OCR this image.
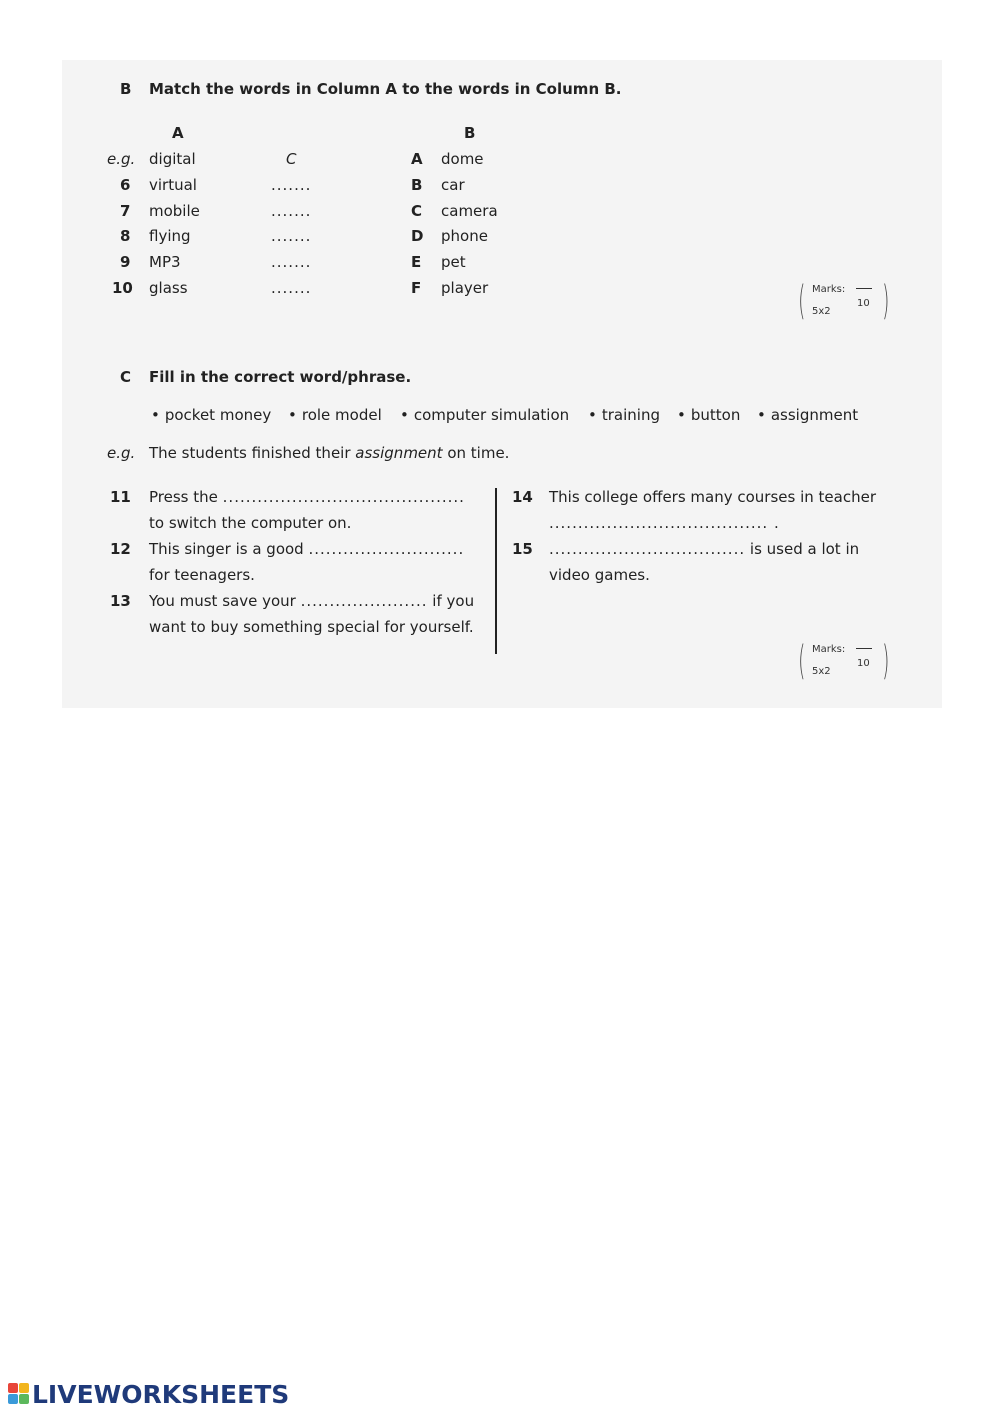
B Match the words in Column A to the words in Column B.
A	B
e.g. digital	C	A dome
6 virtual	.......	B car
7 mobile	.......	C camera
8 flying	.......	D phone
9 MP3	.......	E pet
10 glass	.......	F player	( Marks:
10
5x2 )
C Fill in the correct word/phrase.
• pocket money • role model • computer simulation • training • button • assignment
e.g. The students finished their assignment on time.
11 Press the ..........................................
to switch the computer on.
12 This singer is a good ...........................
for teenagers.
13 You must save your ...................... if you
want to buy something special for yourself.
14 This college offers many courses in teacher
...................................... .
15 .................................. is used a lot in
video games.
( Marks:
10
5x2 )
LIVEWORKSHEETS
